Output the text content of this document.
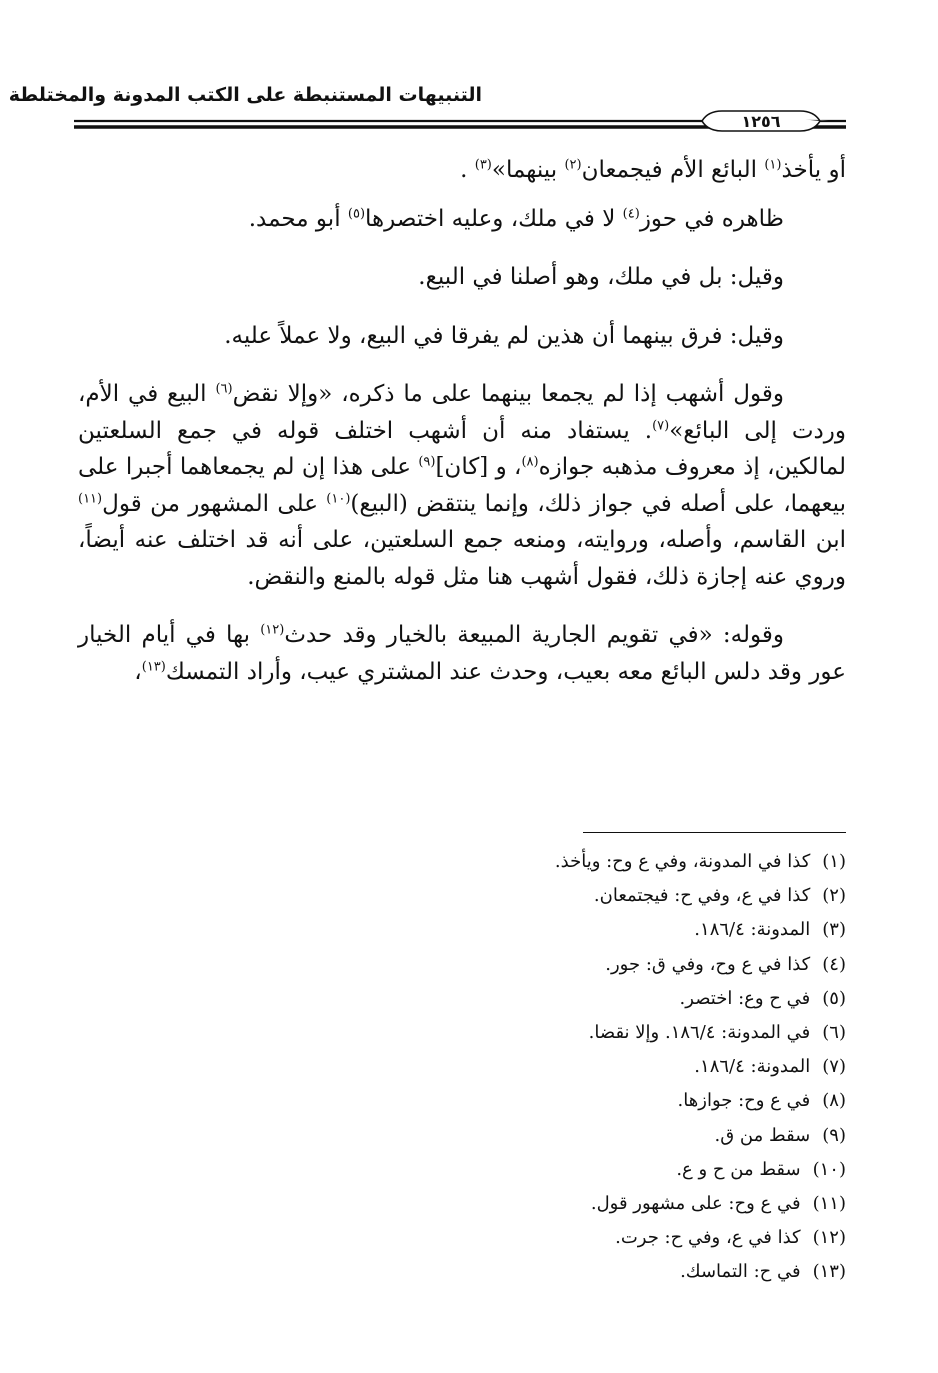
التنبيهات المستنبطة على الكتب المدونة والمختلطة
١٢٥٦

أو يأخذ$^{(١)}$ البائع الأم فيجمعان$^{(٢)}$ بينهما»$^{(٣)}$ .

ظاهره في حوز$^{(٤)}$ لا في ملك، وعليه اختصرها$^{(٥)}$ أبو محمد.

وقيل: بل في ملك، وهو أصلنا في البيع.

وقيل: فرق بينهما أن هذين لم يفرقا في البيع، ولا عملاً عليه.

وقول أشهب إذا لم يجمعا بينهما على ما ذكره، «وإلا نقض$^{(٦)}$ البيع في الأم، وردت إلى البائع»$^{(٧)}$. يستفاد منه أن أشهب اختلف قوله في جمع السلعتين لمالكين، إذ معروف مذهبه جوازه$^{(٨)}$، و [كان]$^{(٩)}$ على هذا إن لم يجمعاهما أجبرا على بيعهما، على أصله في جواز ذلك، وإنما ينتقض (البيع)$^{(١٠)}$ على المشهور من قول$^{(١١)}$ ابن القاسم، وأصله، وروايته، ومنعه جمع السلعتين، على أنه قد اختلف عنه أيضاً، وروي عنه إجازة ذلك، فقول أشهب هنا مثل قوله بالمنع والنقض.

وقوله: «في تقويم الجارية المبيعة بالخيار وقد حدث$^{(١٢)}$ بها في أيام الخيار عور وقد دلس البائع معه بعيب، وحدث عند المشتري عيب، وأراد التمسك$^{(١٣)}$،

(١)كذا في المدونة، وفي ع وح: ويأخذ.
(٢)كذا في ع، وفي ح: فيجتمعان.
(٣)المدونة: ١٨٦/٤.
(٤)كذا في ع وح، وفي ق: جور.
(٥)في ح وع: اختصر.
(٦)في المدونة: ١٨٦/٤. وإلا نقضا.
(٧)المدونة: ١٨٦/٤.
(٨)في ع وح: جوازها.
(٩)سقط من ق.
(١٠)سقط من ح و ع.
(١١)في ع وح: على مشهور قول.
(١٢)كذا في ع، وفي ح: جرت.
(١٣)في ح: التماسك.
